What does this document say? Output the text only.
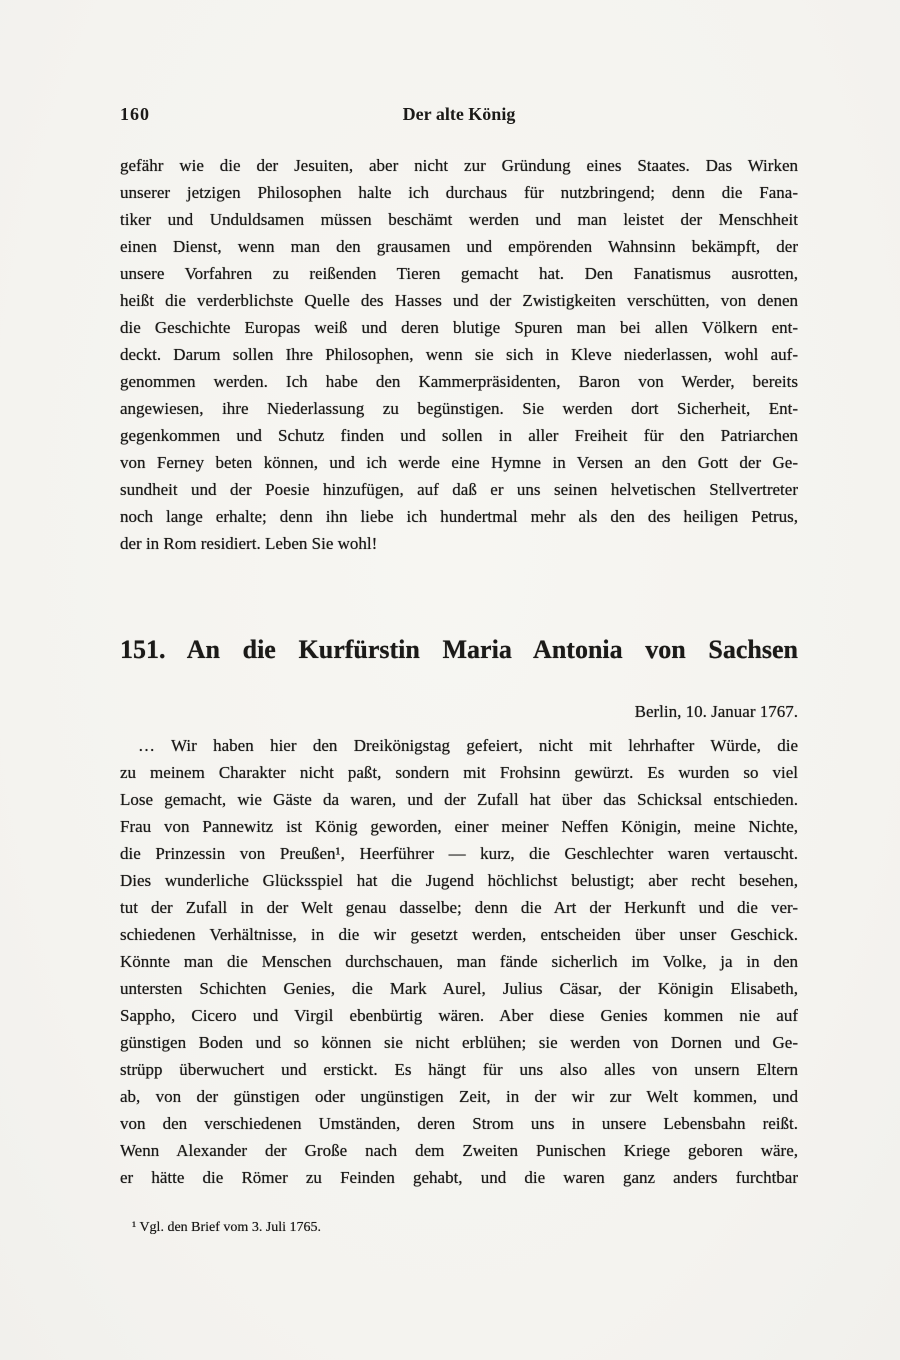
160	Der alte König
gefähr wie die der Jesuiten, aber nicht zur Gründung eines Staates. Das Wirken
unserer jetzigen Philosophen halte ich durchaus für nutzbringend; denn die Fana-
tiker und Unduldsamen müssen beschämt werden und man leistet der Menschheit
einen Dienst, wenn man den grausamen und empörenden Wahnsinn bekämpft, der
unsere Vorfahren zu reißenden Tieren gemacht hat. Den Fanatismus ausrotten,
heißt die verderblichste Quelle des Hasses und der Zwistigkeiten verschütten, von denen
die Geschichte Europas weiß und deren blutige Spuren man bei allen Völkern ent-
deckt. Darum sollen Ihre Philosophen, wenn sie sich in Kleve niederlassen, wohl auf-
genommen werden. Ich habe den Kammerpräsidenten, Baron von Werder, bereits
angewiesen, ihre Niederlassung zu begünstigen. Sie werden dort Sicherheit, Ent-
gegenkommen und Schutz finden und sollen in aller Freiheit für den Patriarchen
von Ferney beten können, und ich werde eine Hymne in Versen an den Gott der Ge-
sundheit und der Poesie hinzufügen, auf daß er uns seinen helvetischen Stellvertreter
noch lange erhalte; denn ihn liebe ich hundertmal mehr als den des heiligen Petrus,
der in Rom residiert. Leben Sie wohl!
151. An die Kurfürstin Maria Antonia von Sachsen
Berlin, 10. Januar 1767.
… Wir haben hier den Dreikönigstag gefeiert, nicht mit lehrhafter Würde, die
zu meinem Charakter nicht paßt, sondern mit Frohsinn gewürzt. Es wurden so viel
Lose gemacht, wie Gäste da waren, und der Zufall hat über das Schicksal entschieden.
Frau von Pannewitz ist König geworden, einer meiner Neffen Königin, meine Nichte,
die Prinzessin von Preußen¹, Heerführer — kurz, die Geschlechter waren vertauscht.
Dies wunderliche Glücksspiel hat die Jugend höchlichst belustigt; aber recht besehen,
tut der Zufall in der Welt genau dasselbe; denn die Art der Herkunft und die ver-
schiedenen Verhältnisse, in die wir gesetzt werden, entscheiden über unser Geschick.
Könnte man die Menschen durchschauen, man fände sicherlich im Volke, ja in den
untersten Schichten Genies, die Mark Aurel, Julius Cäsar, der Königin Elisabeth,
Sappho, Cicero und Virgil ebenbürtig wären. Aber diese Genies kommen nie auf
günstigen Boden und so können sie nicht erblühen; sie werden von Dornen und Ge-
strüpp überwuchert und erstickt. Es hängt für uns also alles von unsern Eltern
ab, von der günstigen oder ungünstigen Zeit, in der wir zur Welt kommen, und
von den verschiedenen Umständen, deren Strom uns in unsere Lebensbahn reißt.
Wenn Alexander der Große nach dem Zweiten Punischen Kriege geboren wäre,
er hätte die Römer zu Feinden gehabt, und die waren ganz anders furchtbar
¹ Vgl. den Brief vom 3. Juli 1765.
